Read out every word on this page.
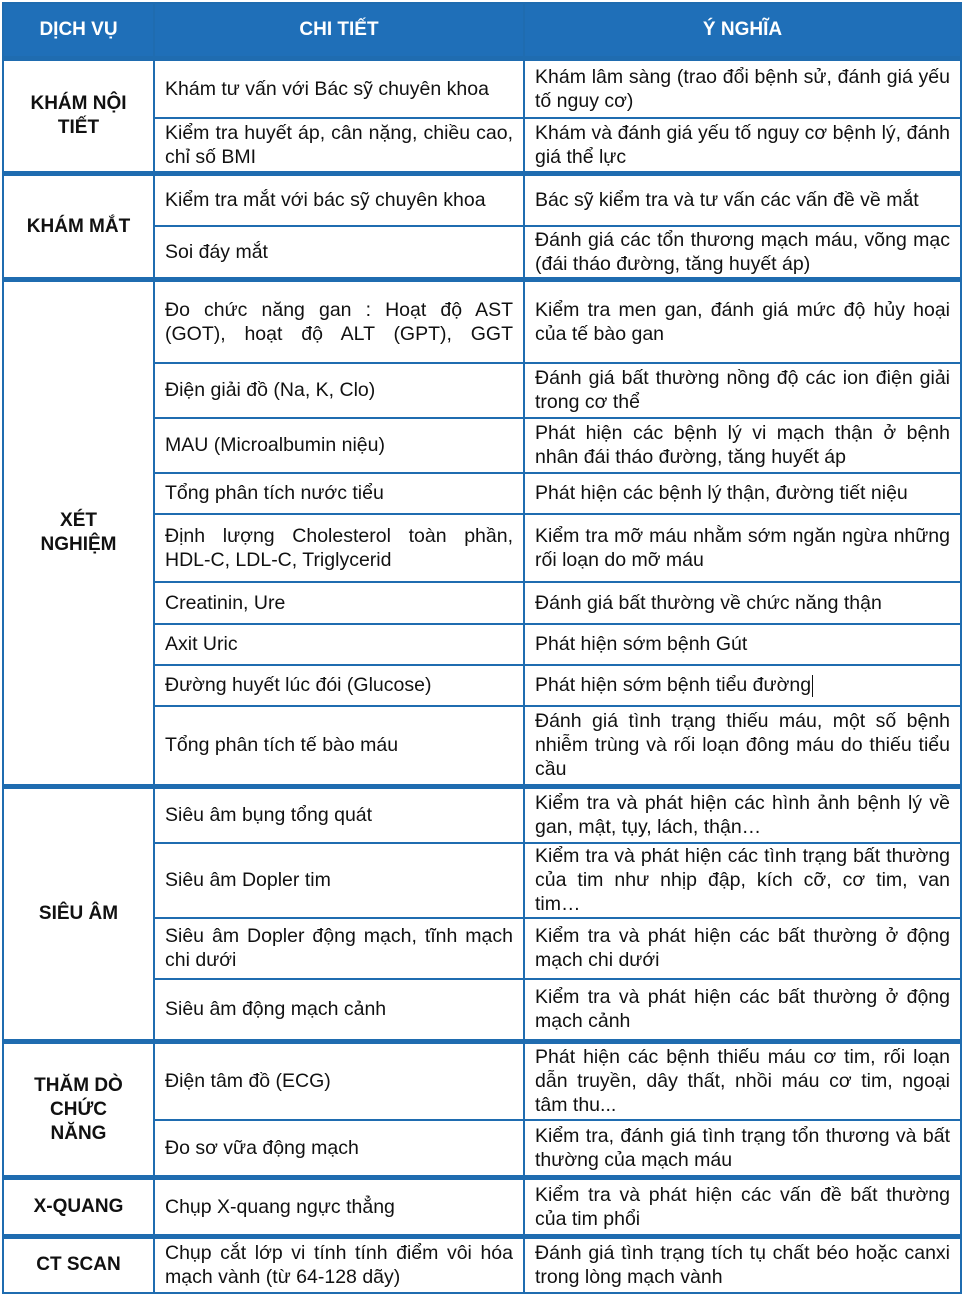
DỊCH VỤ	CHI TIẾT	Ý NGHĨA
KHÁM NỘI TIẾT	Khám tư vấn với Bác sỹ chuyên khoa	Khám lâm sàng (trao đổi bệnh sử, đánh giá yếu tố nguy cơ)
	Kiểm tra huyết áp, cân nặng, chiều cao, chỉ số BMI	Khám và đánh giá yếu tố nguy cơ bệnh lý, đánh giá thể lực
KHÁM MẮT	Kiểm tra mắt với bác sỹ chuyên khoa	Bác sỹ kiểm tra và tư vấn các vấn đề về mắt
	Soi đáy mắt	Đánh giá các tổn thương mạch máu, võng mạc (đái tháo đường, tăng huyết áp)
XÉT NGHIỆM	Đo chức năng gan : Hoạt độ AST (GOT), hoạt độ ALT (GPT), GGT	Kiểm tra men gan, đánh giá mức độ hủy hoại của tế bào gan
	Điện giải đồ (Na, K, Clo)	Đánh giá bất thường nồng độ các ion điện giải trong cơ thể
	MAU (Microalbumin niệu)	Phát hiện các bệnh lý vi mạch thận ở bệnh nhân đái tháo đường, tăng huyết áp
	Tổng phân tích nước tiểu	Phát hiện các bệnh lý thận, đường tiết niệu
	Định lượng Cholesterol toàn phần, HDL-C, LDL-C, Triglycerid	Kiểm tra mỡ máu nhằm sớm ngăn ngừa những rối loạn do mỡ máu
	Creatinin, Ure	Đánh giá bất thường về chức năng thận
	Axit Uric	Phát hiện sớm bệnh Gút
	Đường huyết lúc đói (Glucose)	Phát hiện sớm bệnh tiểu đường
	Tổng phân tích tế bào máu	Đánh giá tình trạng thiếu máu, một số bệnh nhiễm trùng và rối loạn đông máu do thiếu tiểu cầu
SIÊU ÂM	Siêu âm bụng tổng quát	Kiểm tra và phát hiện các hình ảnh bệnh lý về gan, mật, tụy, lách, thận…
	Siêu âm Dopler tim	Kiểm tra và phát hiện các tình trạng bất thường của tim như nhịp đập, kích cỡ, cơ tim, van tim…
	Siêu âm Dopler động mạch, tĩnh mạch chi dưới	Kiểm tra và phát hiện các bất thường ở động mạch chi dưới
	Siêu âm động mạch cảnh	Kiểm tra và phát hiện các bất thường ở động mạch cảnh
THĂM DÒ CHỨC NĂNG	Điện tâm đồ (ECG)	Phát hiện các bệnh thiếu máu cơ tim, rối loạn dẫn truyền, dây thất, nhồi máu cơ tim, ngoại tâm thu...
	Đo sơ vữa động mạch	Kiểm tra, đánh giá tình trạng tổn thương và bất thường của mạch máu
X-QUANG	Chụp X-quang ngực thẳng	Kiểm tra và phát hiện các vấn đề bất thường của tim phổi
CT SCAN	Chụp cắt lớp vi tính tính điểm vôi hóa mạch vành (từ 64-128 dãy)	Đánh giá tình trạng tích tụ chất béo hoặc canxi trong lòng mạch vành
